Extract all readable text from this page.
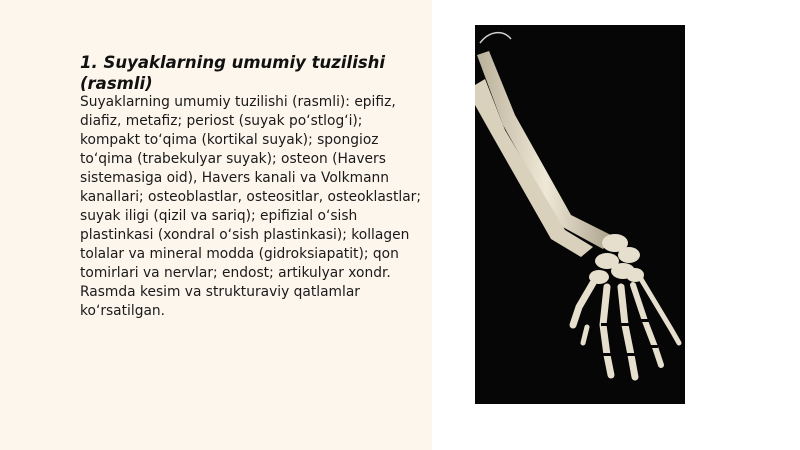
1. Suyaklarning umumiy tuzilishi (rasmli)

Suyaklarning umumiy tuzilishi (rasmli): epifiz, diafiz, metafiz; periost (suyak po‘stlog‘i); kompakt to‘qima (kortikal suyak); spongioz to‘qima (trabekulyar suyak); osteon (Havers sistemasiga oid), Havers kanali va Volkmann kanallari; osteoblastlar, osteositlar, osteoklastlar; suyak iligi (qizil va sariq); epifizial o‘sish plastinkasi (xondral o‘sish plastinkasi); kollagen tolalar va mineral modda (gidroksiapatit); qon tomirlari va nervlar; endost; artikulyar xondr. Rasmda kesim va strukturaviy qatlamlar ko‘rsatilgan.
